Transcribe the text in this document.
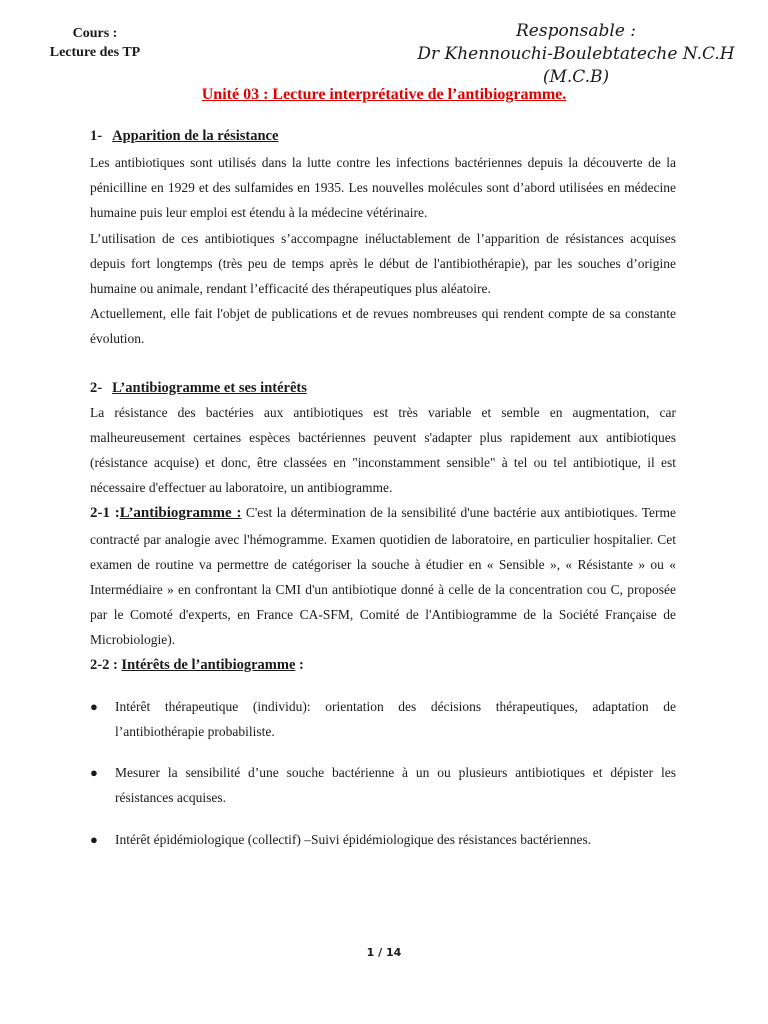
Cours :
Lecture des TP
Responsable :
Dr Khennouchi-Boulebtateche N.C.H (M.C.B)
Unité 03 : Lecture interprétative de l’antibiogramme.

1- Apparition de la résistance

Les antibiotiques sont utilisés dans la lutte contre les infections bactériennes depuis la découverte de la pénicilline en 1929 et des sulfamides en 1935. Les nouvelles molécules sont d’abord utilisées en médecine humaine puis leur emploi est étendu à la médecine vétérinaire.

L’utilisation de ces antibiotiques s’accompagne inéluctablement de l’apparition de résistances acquises depuis fort longtemps (très peu de temps après le début de l'antibiothérapie), par les souches d’origine humaine ou animale, rendant l’efficacité des thérapeutiques plus aléatoire.

Actuellement, elle fait l'objet de publications et de revues nombreuses qui rendent compte de sa constante évolution.

2- L’antibiogramme et ses intérêts

La résistance des bactéries aux antibiotiques est très variable et semble en augmentation, car malheureusement certaines espèces bactériennes peuvent s'adapter plus rapidement aux antibiotiques (résistance acquise) et donc, être classées en "inconstamment sensible" à tel ou tel antibiotique, il est nécessaire d'effectuer au laboratoire, un antibiogramme.

2-1 :L’antibiogramme : C'est la détermination de la sensibilité d'une bactérie aux antibiotiques. Terme contracté par analogie avec l'hémogramme. Examen quotidien de laboratoire, en particulier hospitalier. Cet examen de routine va permettre de catégoriser la souche à étudier en « Sensible », « Résistante » ou « Intermédiaire » en confrontant la CMI d'un antibiotique donné à celle de la concentration cou C, proposée par le Comoté d'experts, en France CA-SFM, Comité de l'Antibiogramme de la Société Française de Microbiologie).

2-2 : Intérêts de l’antibiogramme :

● Intérêt thérapeutique (individu): orientation des décisions thérapeutiques, adaptation de l’antibiothérapie probabiliste.
● Mesurer la sensibilité d’une souche bactérienne à un ou plusieurs antibiotiques et dépister les résistances acquises.
● Intérêt épidémiologique (collectif) –Suivi épidémiologique des résistances bactériennes.
1 / 14
